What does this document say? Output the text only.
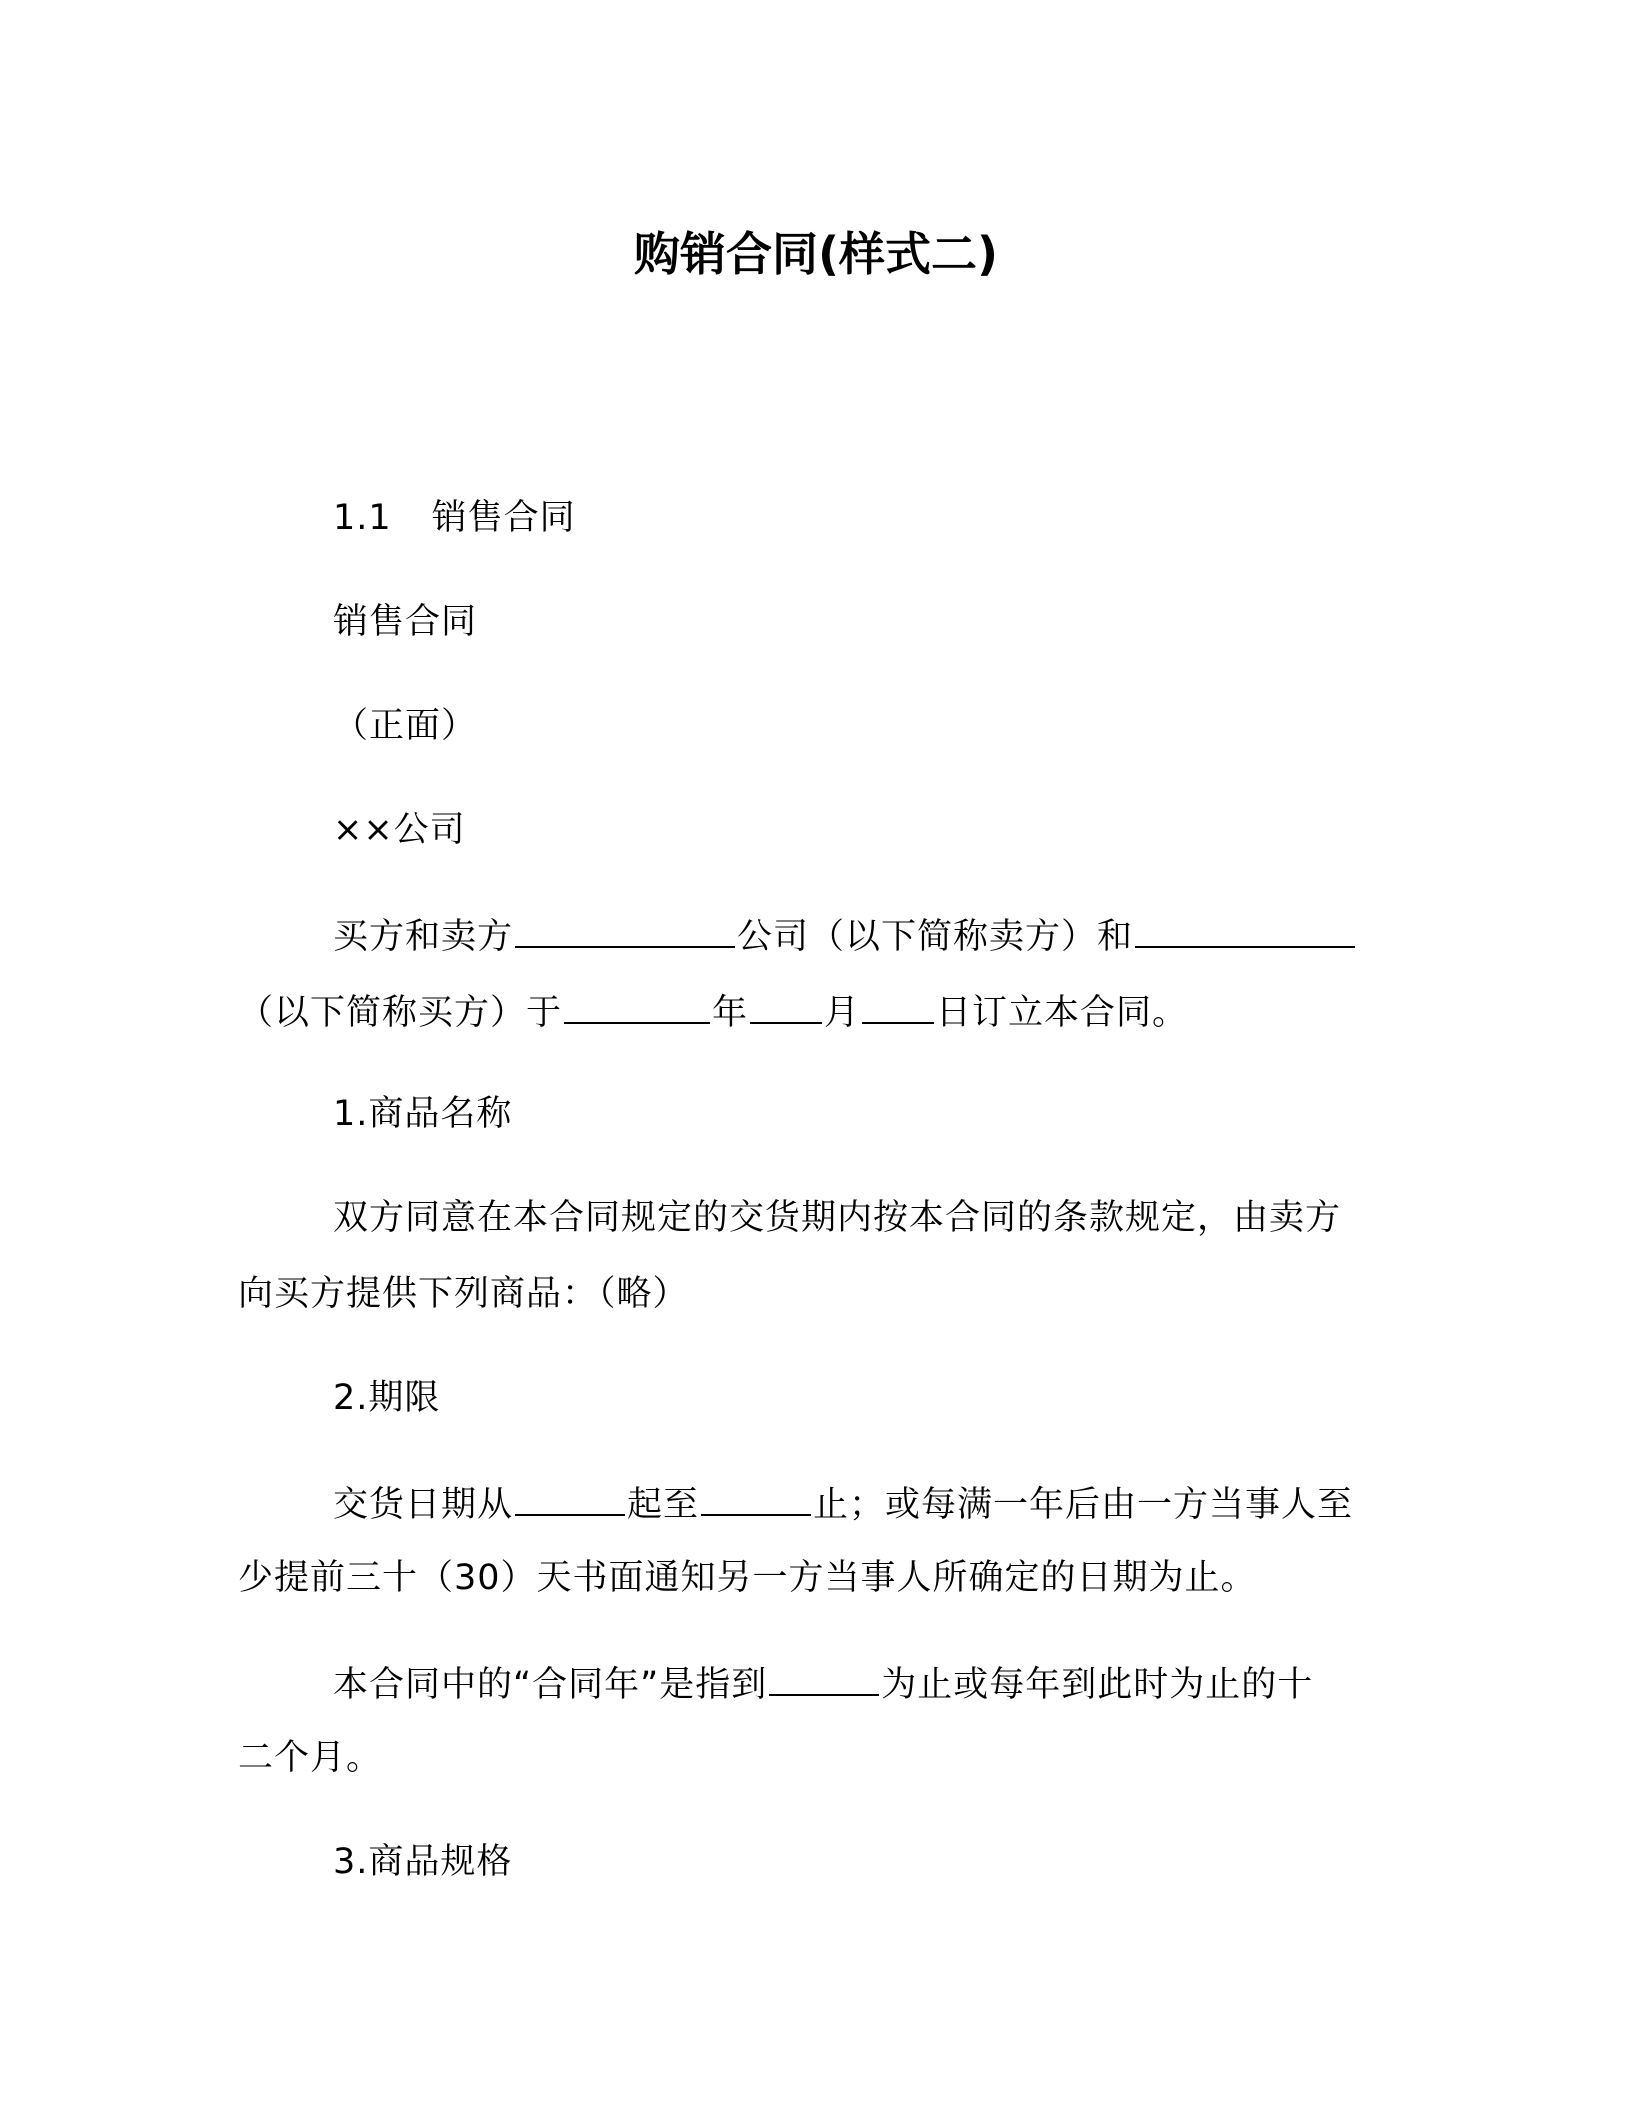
购销合同(样式二)
1.1 销售合同
销售合同
（正面）
××公司
买方和卖方	公司（以下简称卖方）和
（以下简称买方）于	年 月 日订立本合同。
1.商品名称
双方同意在本合同规定的交货期内按本合同的条款规定，由卖方
向买方提供下列商品：（略）
2.期限
交货日期从	起至	止；或每满一年后由一方当事人至
少提前三十（30）天书面通知另一方当事人所确定的日期为止。
本合同中的“合同年”是指到	为止或每年到此时为止的十
二个月。
3.商品规格
